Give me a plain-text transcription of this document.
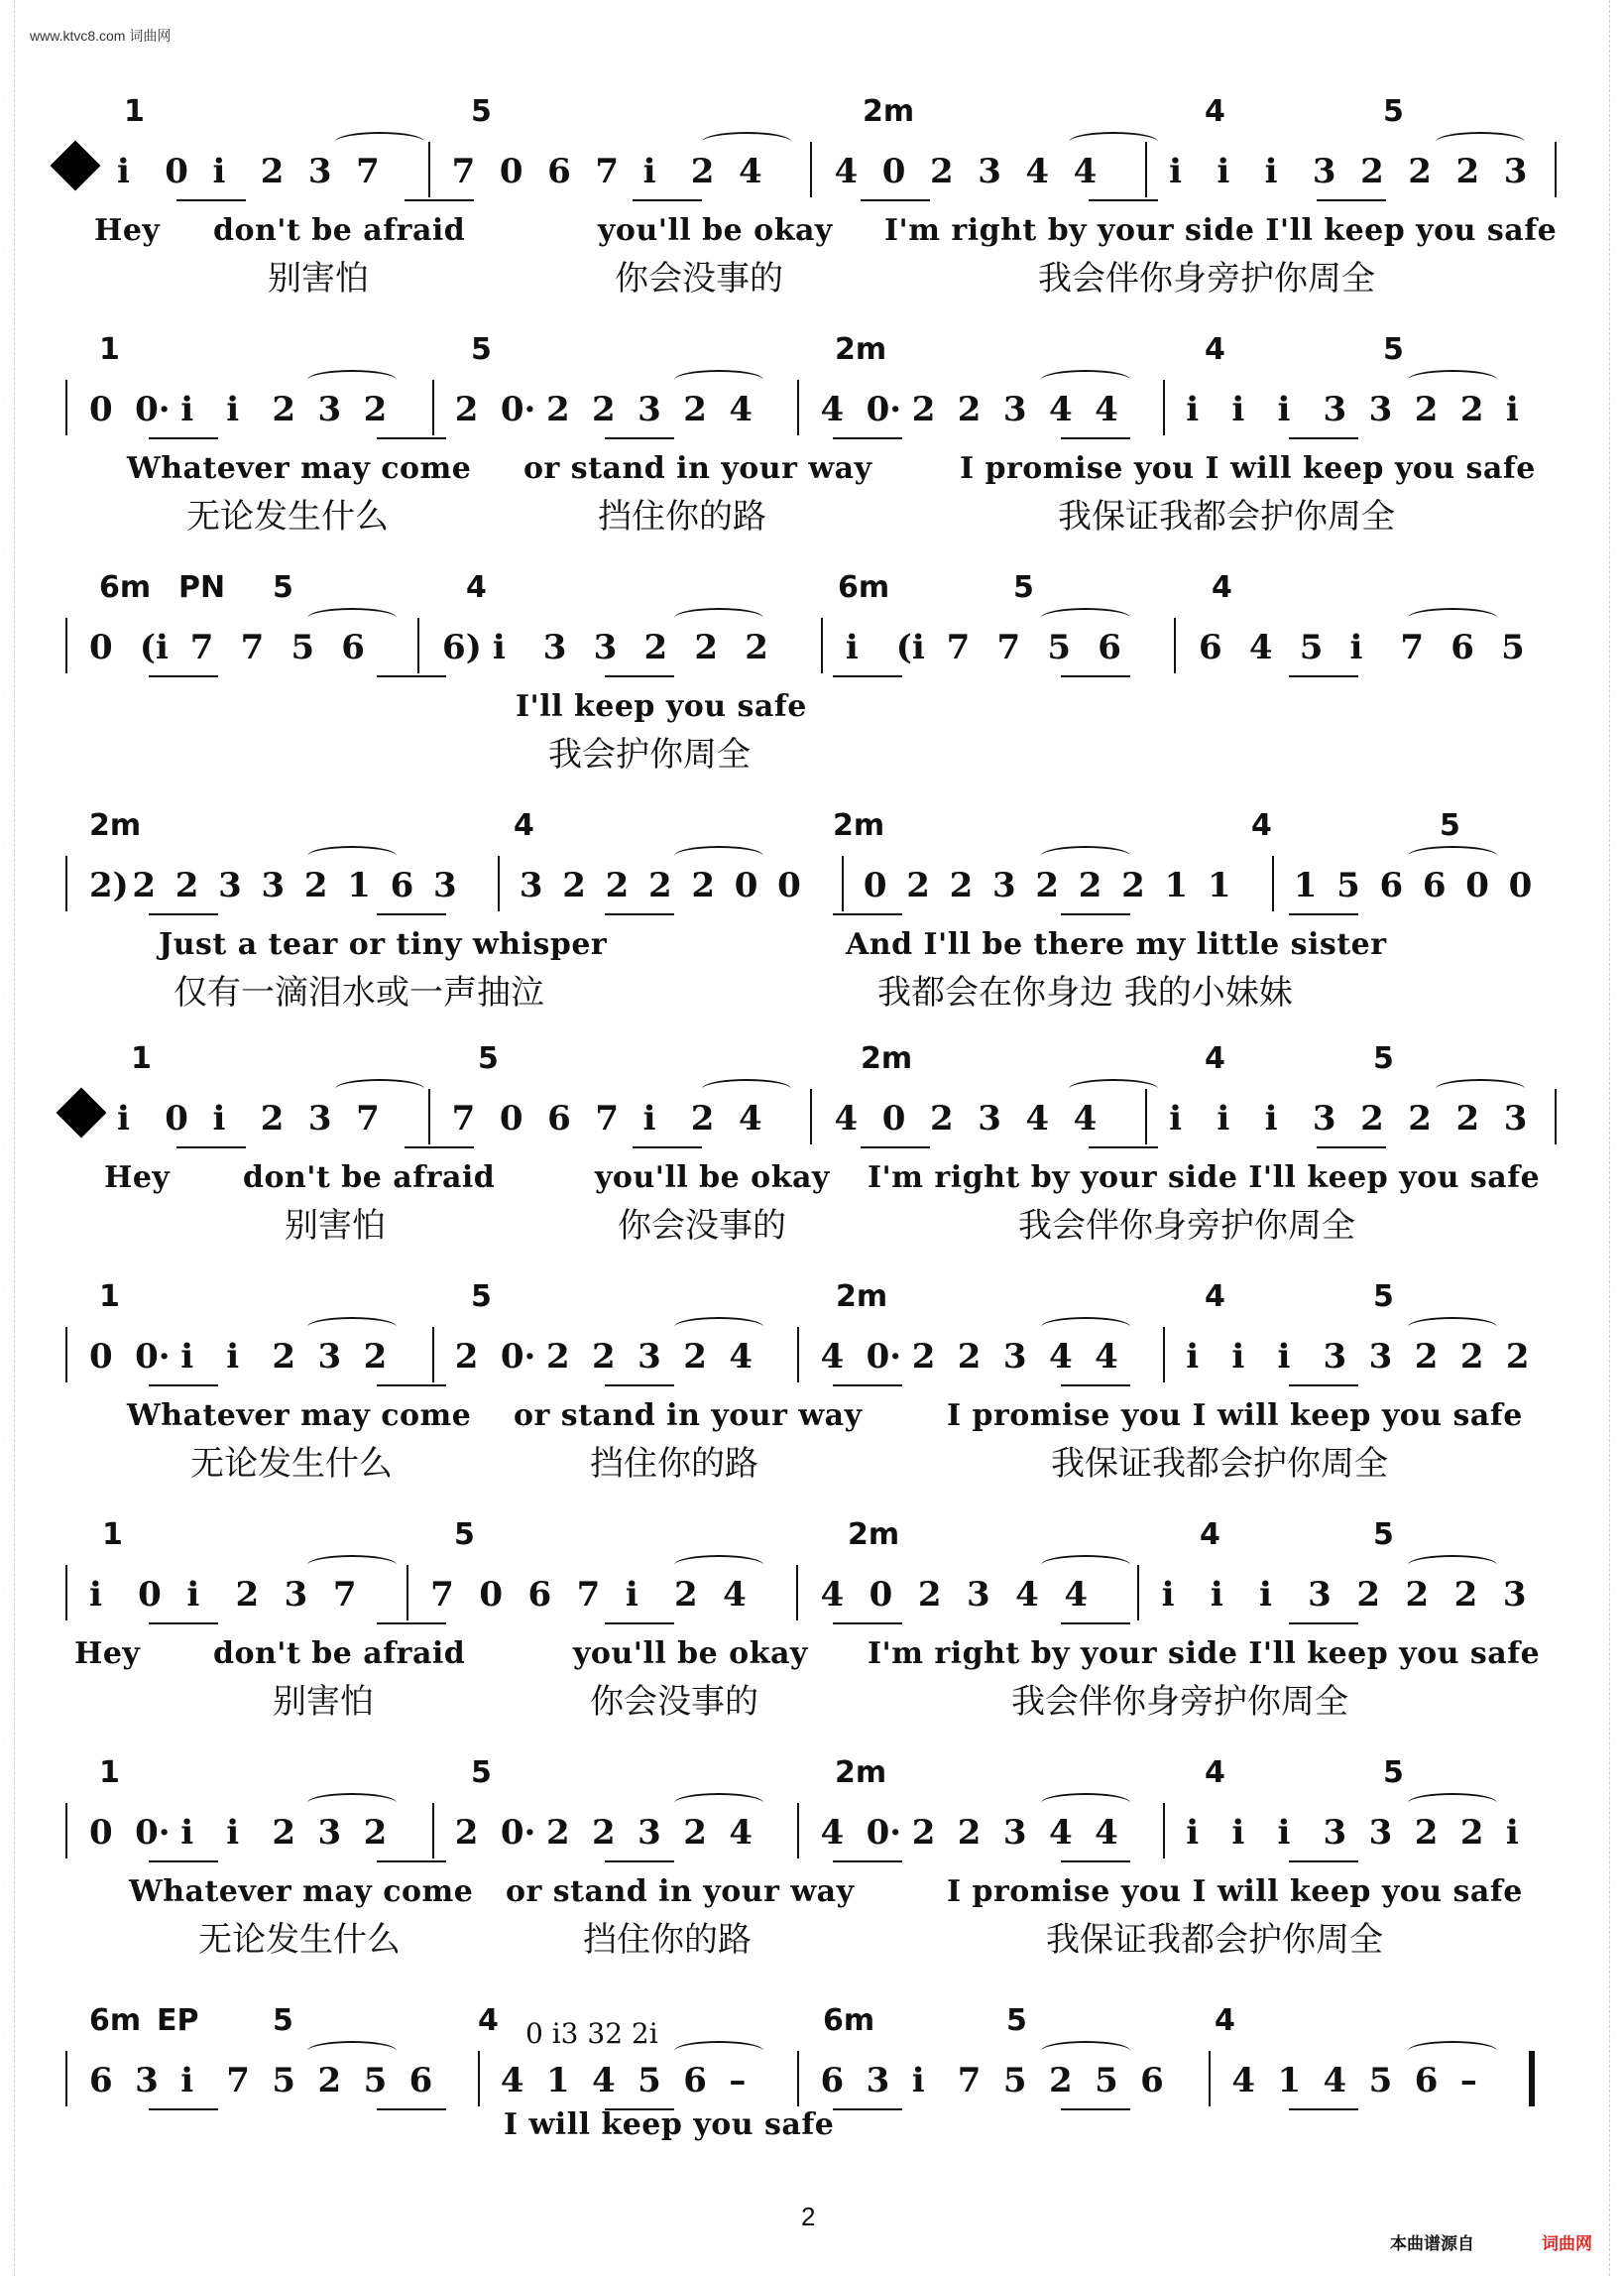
·
·
·
·
·
·
·
·
·
·
·
·
·
·
·
·
·
·
·
·
·
·
·
·
·
·
·
·
·
·
www.ktvc8.com 词曲网
1	5	2m	4	5
i 0 i 2 3 7 7 0 6 7 i 2 4 4 0 2 3 4 4 i i i 3 2 2 2 3
Hey don't be afraid	you'll be okay I'm right by your side I'll keep you safe
别害怕	你会没事的	我会伴你身旁护你周全
1	5	2m	4	5
0 0· i i 2 3 2 2 0· 2 2 3 2 4 4 0· 2 2 3 4 4 i i i 3 3 2 2 i
Whatever may come or stand in your way	I promise you I will keep you safe
无论发生什么	挡住你的路	我保证我都会护你周全
6m PN 5	4	6m	5	4
0 (i 7 7 5 6 6) i 3 3 2 2 2 i (i 7 7 5 6 6 4 5 i 7 6 5
I'll keep you safe
我会护你周全
2m	4	2m	4	5
2) 2 2 3 3 2 1 6 3 3 2 2 2 2 0 0 0 2 2 3 2 2 2 1 1 1 5 6 6 0 0
Just a tear or tiny whisper	And I'll be there my little sister
仅有一滴泪水或一声抽泣	我都会在你身边 我的小妹妹
1	5	2m	4	5
i 0 i 2 3 7 7 0 6 7 i 2 4 4 0 2 3 4 4 i i i 3 2 2 2 3
Hey don't be afraid	you'll be okay I'm right by your side I'll keep you safe
别害怕	你会没事的	我会伴你身旁护你周全
1	5	2m	4	5
0 0· i i 2 3 2 2 0· 2 2 3 2 4 4 0· 2 2 3 4 4 i i i 3 3 2 2 2
Whatever may come or stand in your way	I promise you I will keep you safe
无论发生什么	挡住你的路	我保证我都会护你周全
1	5	2m	4	5
i 0 i 2 3 7 7 0 6 7 i 2 4 4 0 2 3 4 4 i i i 3 2 2 2 3
Hey don't be afraid	you'll be okay I'm right by your side I'll keep you safe
别害怕	你会没事的	我会伴你身旁护你周全
1	5	2m	4	5
0 0· i i 2 3 2 2 0· 2 2 3 2 4 4 0· 2 2 3 4 4 i i i 3 3 2 2 i
Whatever may come or stand in your way	I promise you I will keep you safe
无论发生什么	挡住你的路	我保证我都会护你周全
6m EP 5	4	6m	5	4
6 3 i 7 5 2 5 6 4 1 4 5 6 – 6 3 i 7 5 2 5 6 4 1 4 5 6 –
0 i3 32 2i
I will keep you safe
2
本曲谱源自	词曲网
